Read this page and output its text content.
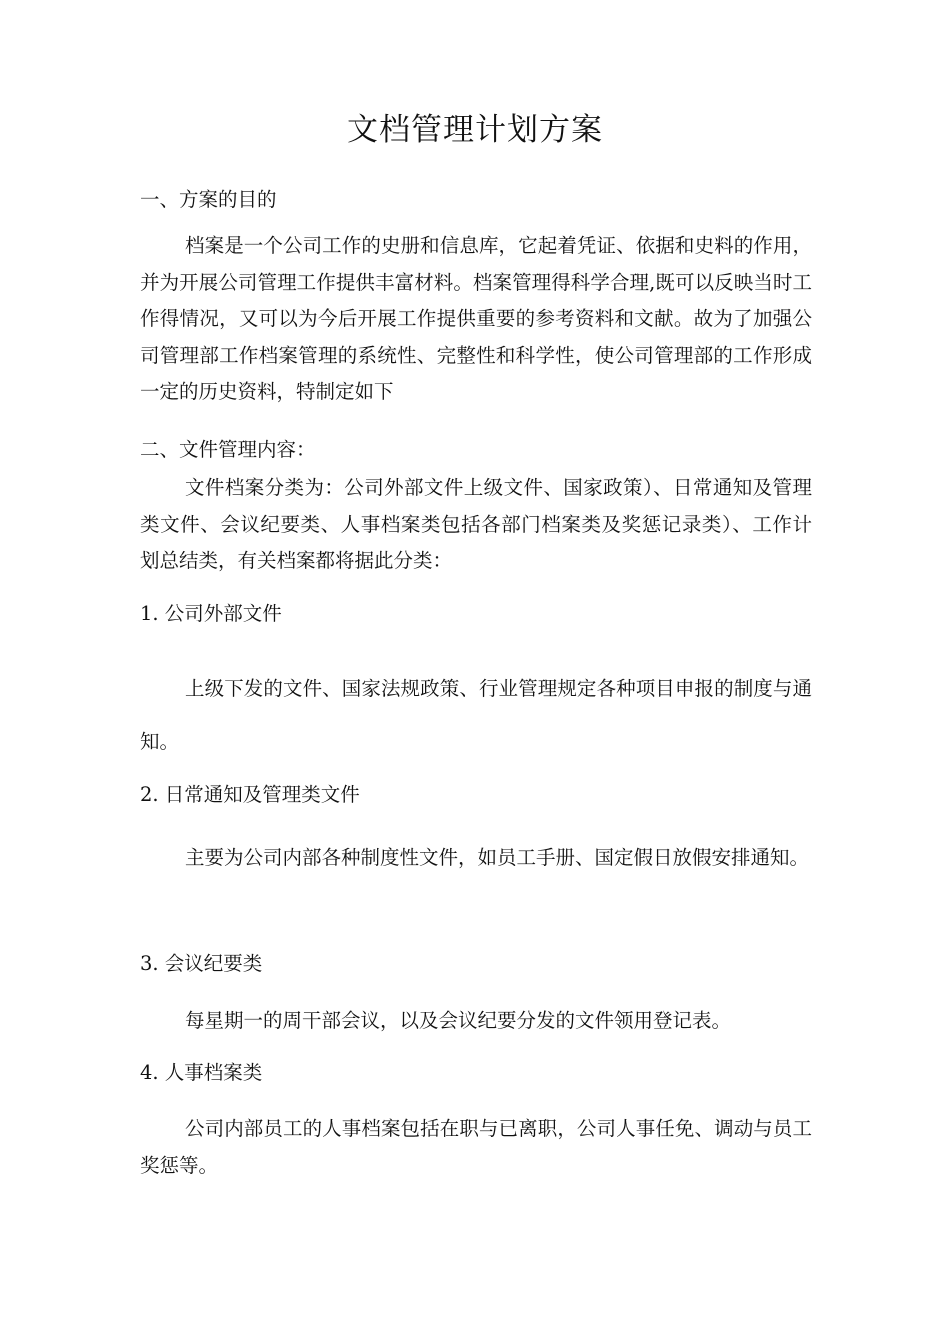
文档管理计划方案
一、方案的目的
档案是一个公司工作的史册和信息库，它起着凭证、依据和史料的作用，并为开展公司管理工作提供丰富材料。档案管理得科学合理,既可以反映当时工作得情况，又可以为今后开展工作提供重要的参考资料和文献。故为了加强公司管理部工作档案管理的系统性、完整性和科学性，使公司管理部的工作形成一定的历史资料，特制定如下
二、文件管理内容：
文件档案分类为：公司外部文件上级文件、国家政策）、日常通知及管理类文件、会议纪要类、人事档案类包括各部门档案类及奖惩记录类）、工作计划总结类，有关档案都将据此分类：
1. 公司外部文件
上级下发的文件、国家法规政策、行业管理规定各种项目申报的制度与通知。
2. 日常通知及管理类文件
主要为公司内部各种制度性文件，如员工手册、国定假日放假安排通知。
3. 会议纪要类
每星期一的周干部会议，以及会议纪要分发的文件领用登记表。
4. 人事档案类
公司内部员工的人事档案包括在职与已离职，公司人事任免、调动与员工奖惩等。
